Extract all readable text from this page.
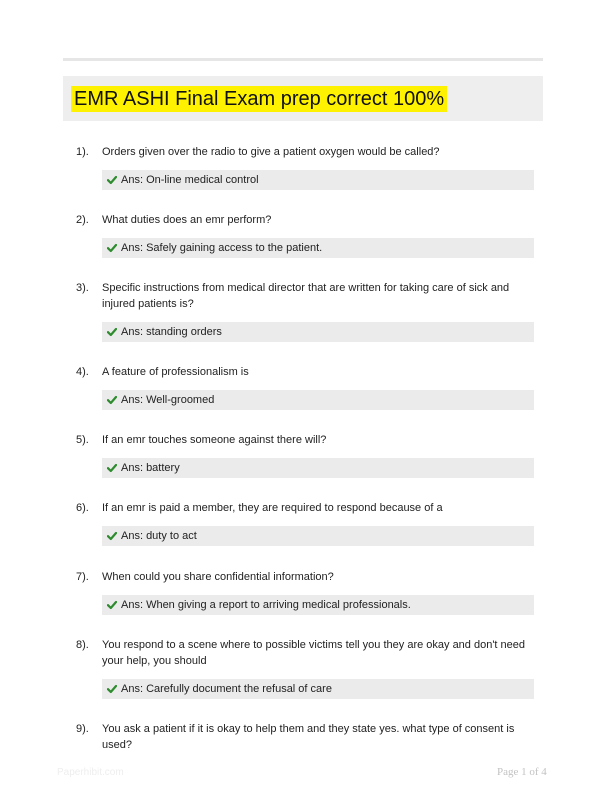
EMR ASHI Final Exam prep correct 100%
1). Orders given over the radio to give a patient oxygen would be called?
Ans: On-line medical control
2). What duties does an emr perform?
Ans: Safely gaining access to the patient.
3). Specific instructions from medical director that are written for taking care of sick and injured patients is?
Ans: standing orders
4). A feature of professionalism is
Ans: Well-groomed
5). If an emr touches someone against there will?
Ans: battery
6). If an emr is paid a member, they are required to respond because of a
Ans: duty to act
7). When could you share confidential information?
Ans: When giving a report to arriving medical professionals.
8). You respond to a scene where to possible victims tell you they are okay and don't need your help, you should
Ans: Carefully document the refusal of care
9). You ask a patient if it is okay to help them and they state yes. what type of consent is used?
Paperhibit.com	Page 1 of 4
